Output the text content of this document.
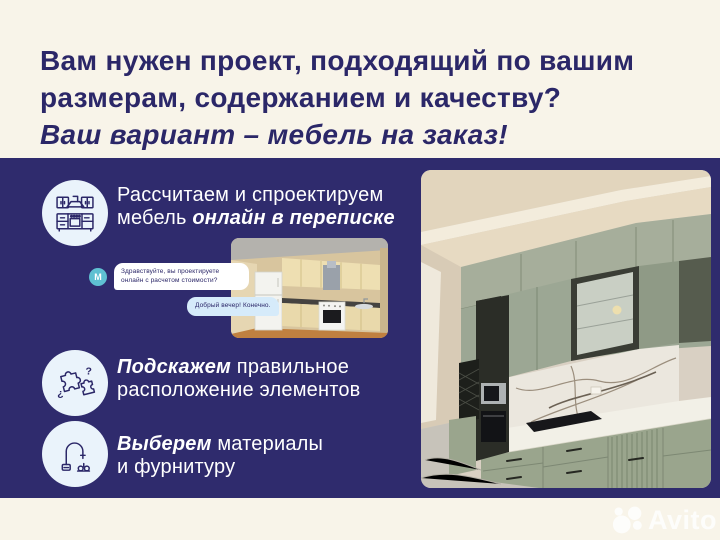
Вам нужен проект, подходящий по вашим
размерам, содержанием и качеству?
Ваш вариант – мебель на заказ!
Рассчитаем и спроектируем
мебель онлайн в переписке
М
Здравствуйте, вы проектируете онлайн с расчетом стоимости?
Добрый вечер! Конечно.
?
?
Подскажем правильное
расположение элементов
Выберем материалы
и фурнитуру
Avito
